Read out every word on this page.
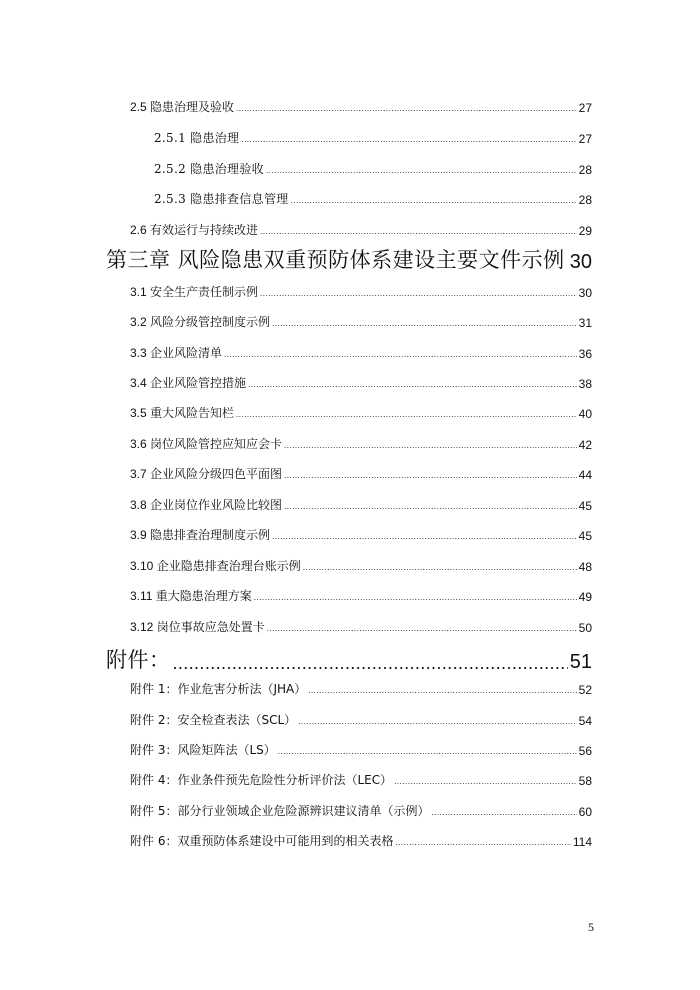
2.5 隐患治理及验收 .....	27
2.5.1 隐患治理 .....	27
2.5.2 隐患治理验收 .....	28
2.5.3 隐患排查信息管理 .....	28
2.6 有效运行与持续改进 .....	29
第三章 风险隐患双重预防体系建设主要文件示例 ..... 30
3.1 安全生产责任制示例 .....	30
3.2 风险分级管控制度示例 .....	31
3.3 企业风险清单 .....	36
3.4 企业风险管控措施 .....	38
3.5 重大风险告知栏 .....	40
3.6 岗位风险管控应知应会卡 .....	42
3.7 企业风险分级四色平面图 .....	44
3.8 企业岗位作业风险比较图 .....	45
3.9 隐患排查治理制度示例 .....	45
3.10 企业隐患排查治理台账示例 .....	48
3.11 重大隐患治理方案 .....	49
3.12 岗位事故应急处置卡 .....	50
附件： .....	51
附件 1：作业危害分析法（JHA） .....	52
附件 2：安全检查表法（SCL） .....	54
附件 3：风险矩阵法（LS） .....	56
附件 4：作业条件预先危险性分析评价法（LEC） .....	58
附件 5：部分行业领域企业危险源辨识建议清单（示例） .....	60
附件 6：双重预防体系建设中可能用到的相关表格 .....	114
5
